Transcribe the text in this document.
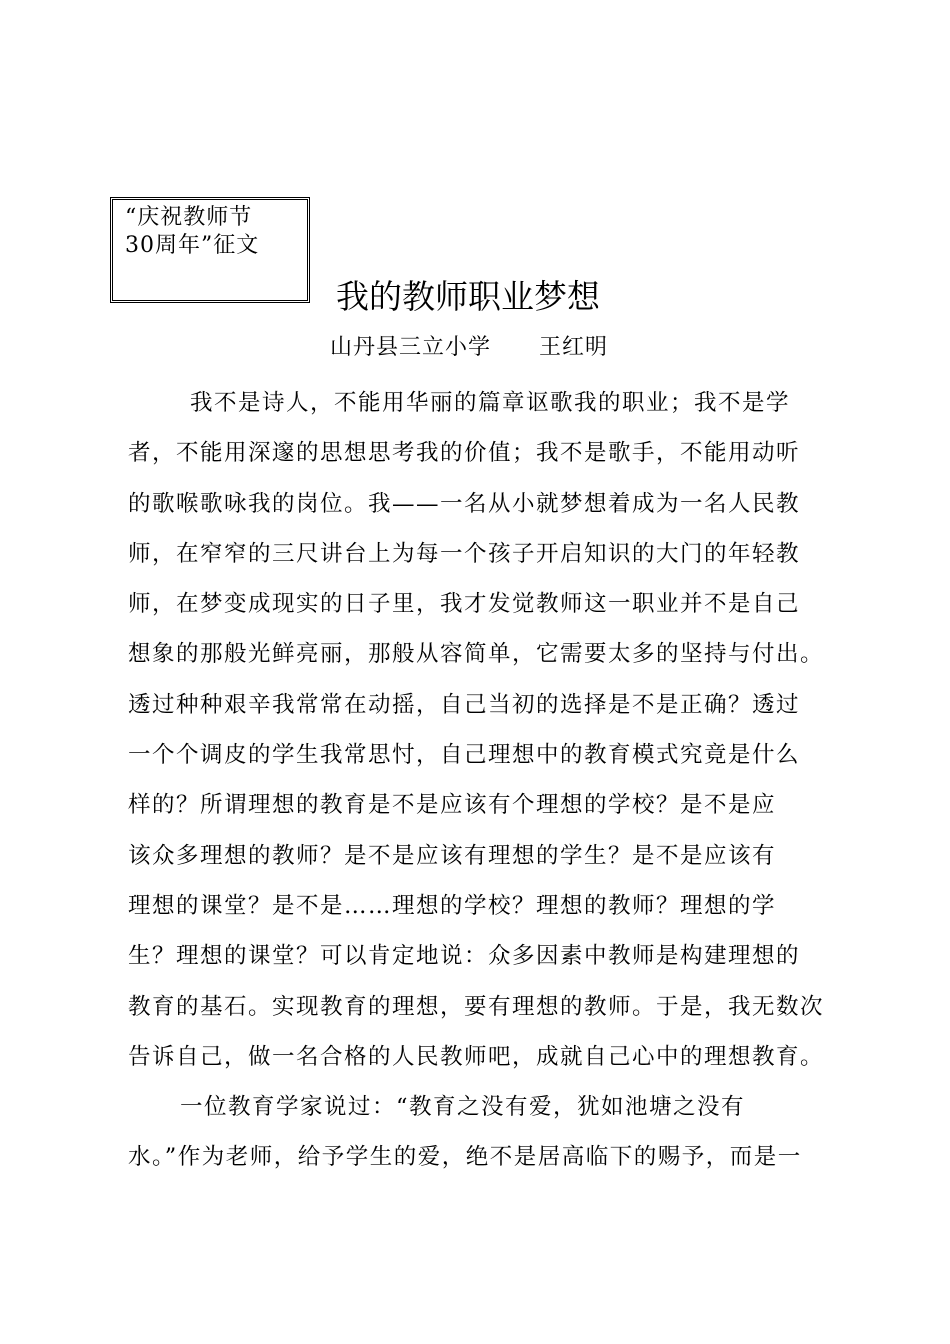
“庆祝教师节
30周年”征文
我的教师职业梦想
山丹县三立小学 王红明
我不是诗人，不能用华丽的篇章讴歌我的职业；我不是学
者，不能用深邃的思想思考我的价值；我不是歌手，不能用动听
的歌喉歌咏我的岗位。我——一名从小就梦想着成为一名人民教
师，在窄窄的三尺讲台上为每一个孩子开启知识的大门的年轻教
师，在梦变成现实的日子里，我才发觉教师这一职业并不是自己
想象的那般光鲜亮丽，那般从容简单，它需要太多的坚持与付出。
透过种种艰辛我常常在动摇，自己当初的选择是不是正确？透过
一个个调皮的学生我常思忖，自己理想中的教育模式究竟是什么
样的？所谓理想的教育是不是应该有个理想的学校？是不是应
该众多理想的教师？是不是应该有理想的学生？是不是应该有
理想的课堂？是不是……理想的学校？理想的教师？理想的学
生？理想的课堂？可以肯定地说：众多因素中教师是构建理想的
教育的基石。实现教育的理想，要有理想的教师。于是，我无数次
告诉自己，做一名合格的人民教师吧，成就自己心中的理想教育。
一位教育学家说过：“教育之没有爱，犹如池塘之没有
水。”作为老师，给予学生的爱，绝不是居高临下的赐予，而是一
